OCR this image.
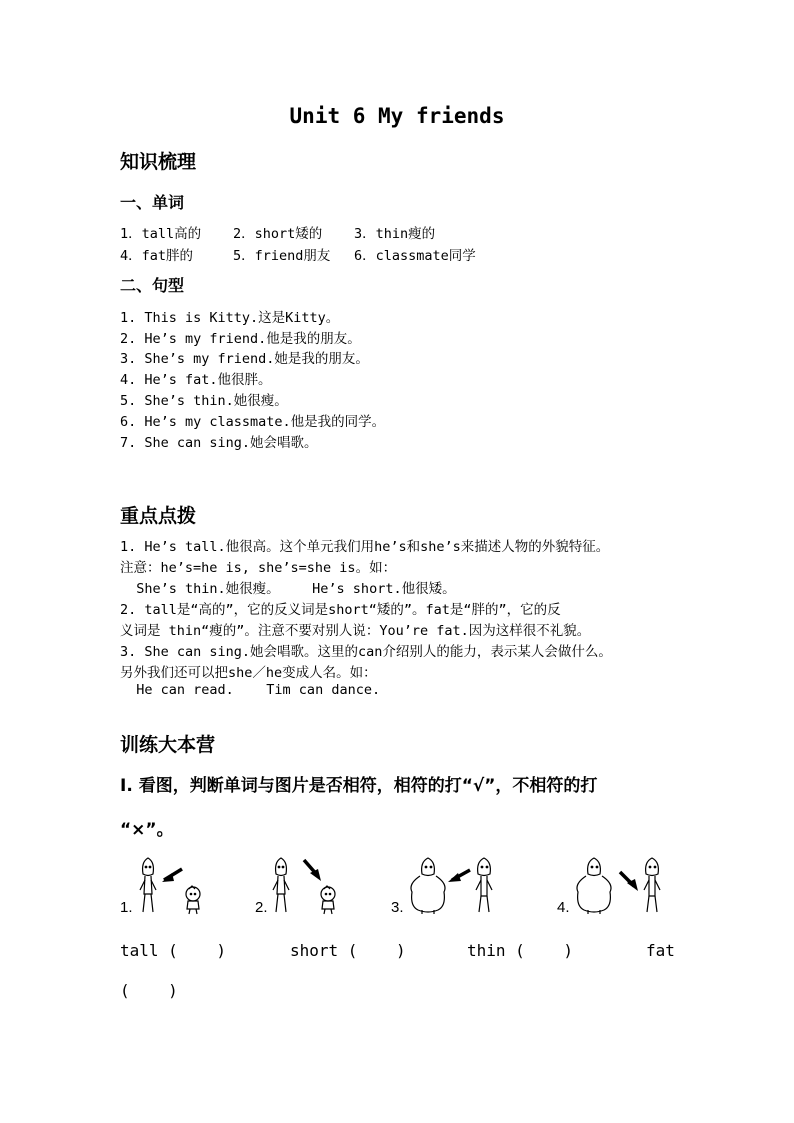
Unit 6 My friends
知识梳理
一、单词
1．tall高的 2．short矮的 3．thin瘦的
4．fat胖的	5．friend朋友 6．classmate同学
二、句型
1. This is Kitty.这是Kitty。
2. He’s my friend.他是我的朋友。
3. She’s my friend.她是我的朋友。
4. He’s fat.他很胖。
5. She’s thin.她很瘦。
6. He’s my classmate.他是我的同学。
7. She can sing.她会唱歌。
重点点拨
1. He’s tall.他很高。这个单元我们用he’s和she’s来描述人物的外貌特征。
注意：he’s=he is, she’s=she is。如：
She’s thin.她很瘦。    He’s short.他很矮。
2. tall是“高的”，它的反义词是short“矮的”。fat是“胖的”，它的反
义词是 thin“瘦的”。注意不要对别人说：You’re fat.因为这样很不礼貌。
3. She can sing.她会唱歌。这里的can介绍别人的能力，表示某人会做什么。
另外我们还可以把she／he变成人名。如：
He can read.    Tim can dance.
训练大本营
Ⅰ. 看图，判断单词与图片是否相符，相符的打“√”，不相符的打
“×”。
1.	2.	3.	4.
tall (    )	short (    )	thin (    )	fat
(    )
